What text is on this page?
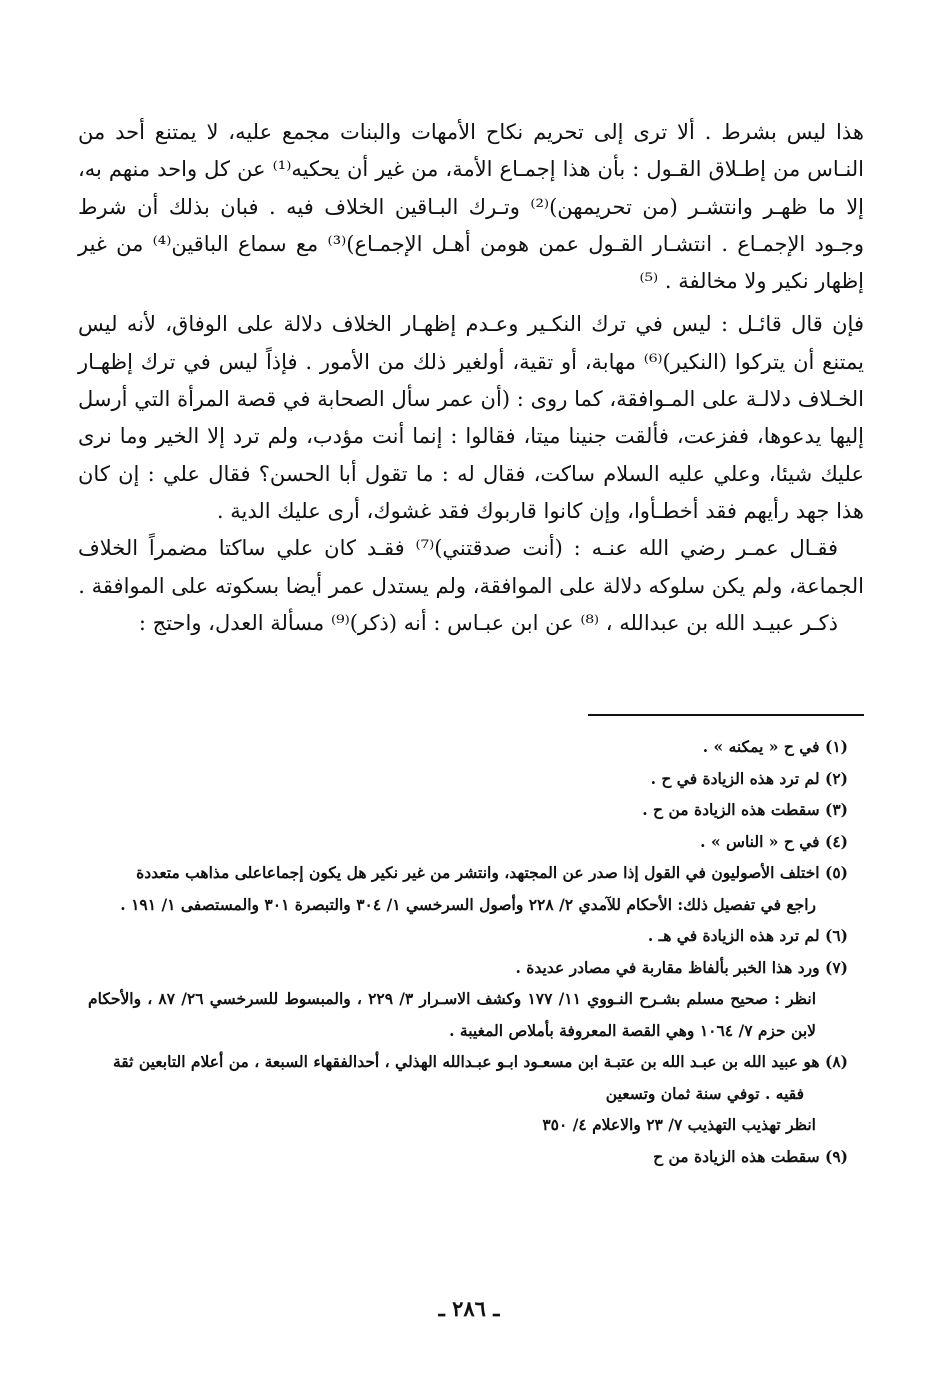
هذا ليس بشرط . ألا ترى إلى تحريم نكاح الأمهات والبنات مجمع عليه، لا يمتنع أحد من النـاس من إطـلاق القـول : بأن هذا إجمـاع الأمة، من غير أن يحكيه⁽¹⁾ عن كل واحد منهم به، إلا ما ظهـر وانتشـر (من تحريمهن)⁽²⁾ وتـرك البـاقين الخلاف فيه . فبان بذلك أن شرط وجـود الإجمـاع . انتشـار القـول عمن هومن أهـل الإجمـاع)⁽³⁾ مع سماع الباقين⁽⁴⁾ من غير إظهار نكير ولا مخالفة . ⁽⁵⁾

فإن قال قائـل : ليس في ترك النكـير وعـدم إظهـار الخلاف دلالة على الوفاق، لأنه ليس يمتنع أن يتركوا (النكير)⁽⁶⁾ مهابة، أو تقية، أولغير ذلك من الأمور . فإذاً ليس في ترك إظهـار الخـلاف دلالـة على المـوافقة، كما روى : (أن عمر سأل الصحابة في قصة المرأة التي أرسل إليها يدعوها، ففزعت، فألقت جنينا ميتا، فقالوا : إنما أنت مؤدب، ولم ترد إلا الخير وما نرى عليك شيئا، وعلي عليه السلام ساكت، فقال له : ما تقول أبا الحسن؟ فقال علي : إن كان هذا جهد رأيهم فقد أخطـأوا، وإن كانوا قاربوك فقد غشوك، أرى عليك الدية .

فقـال عمـر رضي الله عنـه : (أنت صدقتني)⁽⁷⁾ فقـد كان علي ساكتا مضمراً الخلاف الجماعة، ولم يكن سلوكه دلالة على الموافقة، ولم يستدل عمر أيضا بسكوته على الموافقة .

ذكـر عبيـد الله بن عبدالله ، ⁽⁸⁾ عن ابن عبـاس : أنه (ذكر)⁽⁹⁾ مسألة العدل، واحتج :

(١) في ح « يمكنه » .

(٢) لم ترد هذه الزيادة في ح .

(٣) سقطت هذه الزيادة من ح .

(٤) في ح « الناس » .

(٥) اختلف الأصوليون في القول إذا صدر عن المجتهد، وانتشر من غير نكير هل يكون إجماعاعلى مذاهب متعددة

راجع في تفصيل ذلك: الأحكام للآمدي ٢/ ٢٢٨ وأصول السرخسي ١/ ٣٠٤ والتبصرة ٣٠١ والمستصفى ١/ ١٩١ .

(٦) لم ترد هذه الزيادة في هـ .

(٧) ورد هذا الخبر بألفاظ مقاربة في مصادر عديدة .

انظر : صحيح مسلم بشـرح النـووي ١١/ ١٧٧ وكشف الاسـرار ٣/ ٢٢٩ ، والمبسوط للسرخسي ٢٦/ ٨٧ ، والأحكام لابن حزم ٧/ ١٠٦٤ وهي القصة المعروفة بأملاص المغيبة .

(٨) هو عبيد الله بن عبـد الله بن عتبـة ابن مسعـود ابـو عبـدالله الهذلي ، أحدالفقهاء السبعة ، من أعلام التابعين ثقة

فقيه . توفي سنة ثمان وتسعين

انظر تهذيب التهذيب ٧/ ٢٣ والاعلام ٤/ ٣٥٠

(٩) سقطت هذه الزيادة من ح

ـ ٢٨٦ ـ
